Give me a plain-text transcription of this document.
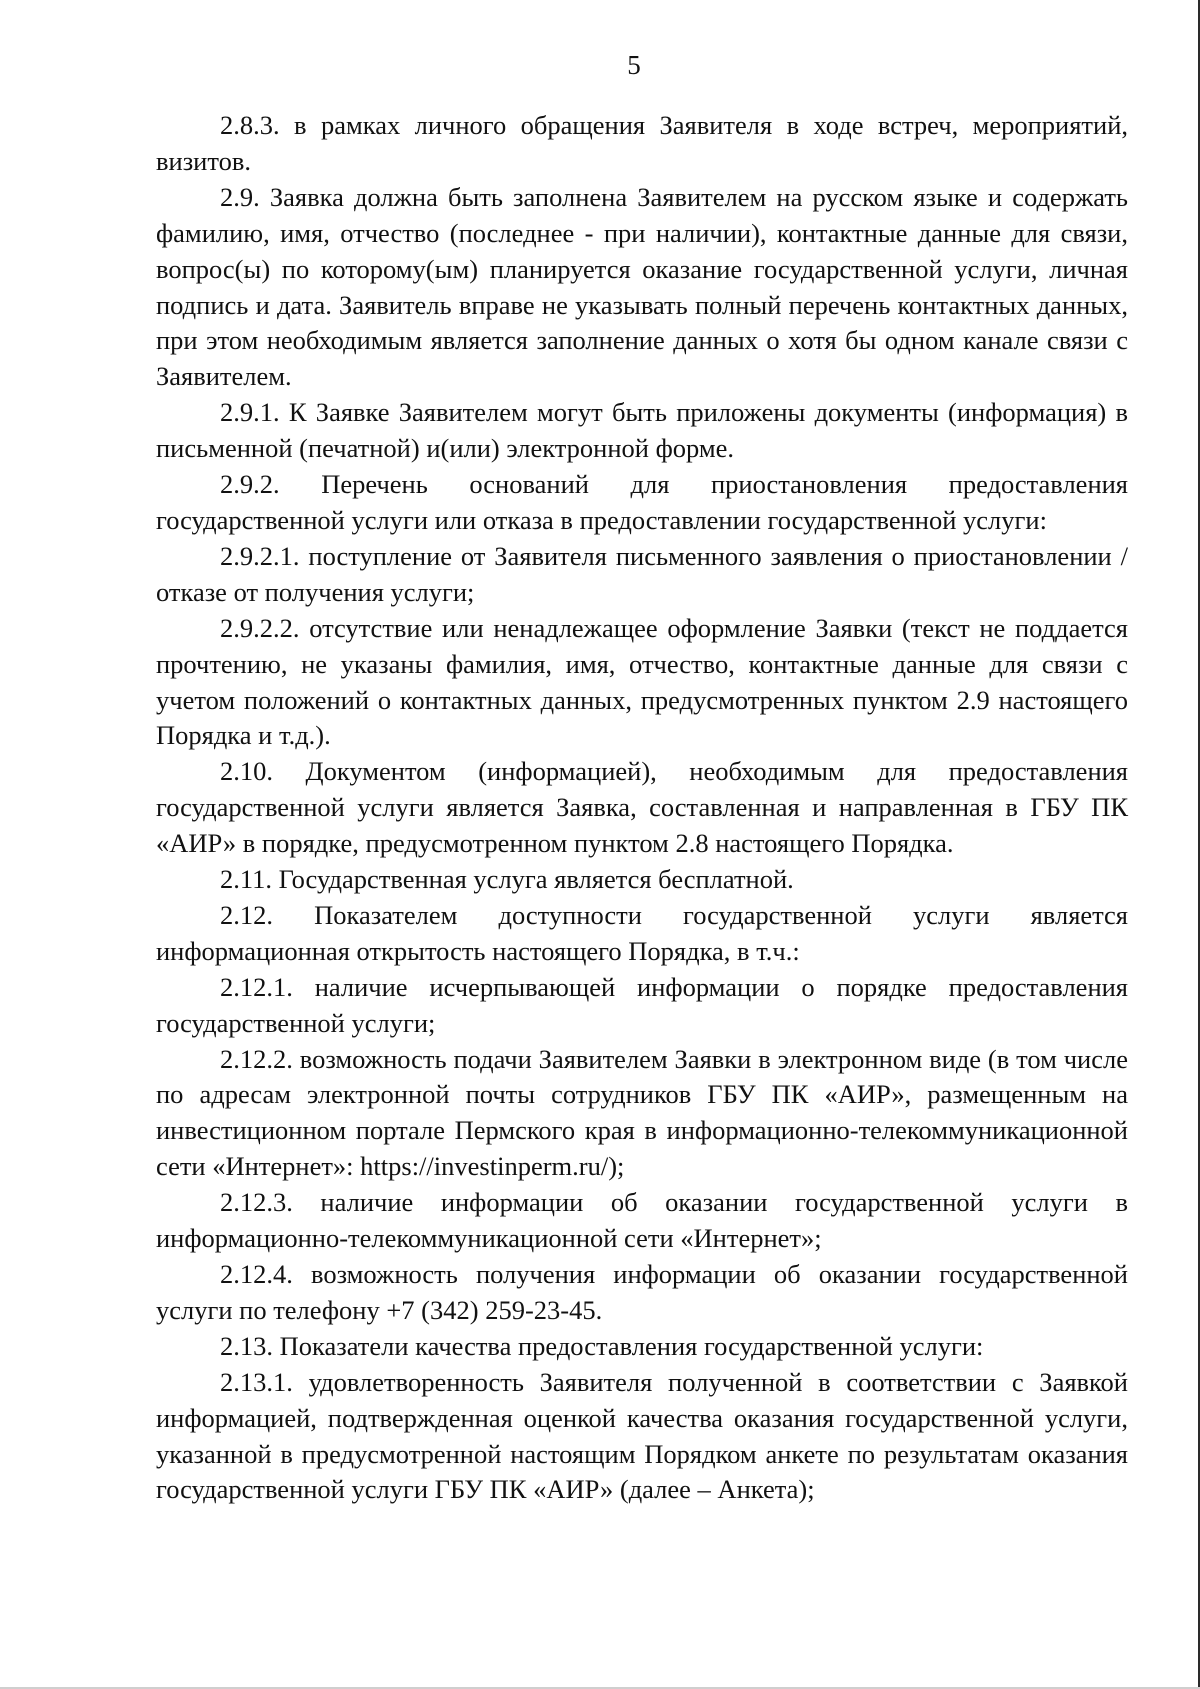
5

2.8.3. в рамках личного обращения Заявителя в ходе встреч, мероприятий, визитов.

2.9. Заявка должна быть заполнена Заявителем на русском языке и содержать фамилию, имя, отчество (последнее - при наличии), контактные данные для связи, вопрос(ы) по которому(ым) планируется оказание государственной услуги, личная подпись и дата. Заявитель вправе не указывать полный перечень контактных данных, при этом необходимым является заполнение данных о хотя бы одном канале связи с Заявителем.

2.9.1. К Заявке Заявителем могут быть приложены документы (информация) в письменной (печатной) и(или) электронной форме.

2.9.2. Перечень оснований для приостановления предоставления государственной услуги или отказа в предоставлении государственной услуги:

2.9.2.1. поступление от Заявителя письменного заявления о приостановлении / отказе от получения услуги;

2.9.2.2. отсутствие или ненадлежащее оформление Заявки (текст не поддается прочтению, не указаны фамилия, имя, отчество, контактные данные для связи с учетом положений о контактных данных, предусмотренных пунктом 2.9 настоящего Порядка и т.д.).

2.10. Документом (информацией), необходимым для предоставления государственной услуги является Заявка, составленная и направленная в ГБУ ПК «АИР» в порядке, предусмотренном пунктом 2.8 настоящего Порядка.

2.11. Государственная услуга является бесплатной.

2.12. Показателем доступности государственной услуги является информационная открытость настоящего Порядка, в т.ч.:

2.12.1. наличие исчерпывающей информации о порядке предоставления государственной услуги;

2.12.2. возможность подачи Заявителем Заявки в электронном виде (в том числе по адресам электронной почты сотрудников ГБУ ПК «АИР», размещенным на инвестиционном портале Пермского края в информационно-телекоммуникационной сети «Интернет»: https://investinperm.ru/);

2.12.3. наличие информации об оказании государственной услуги в информационно-телекоммуникационной сети «Интернет»;

2.12.4. возможность получения информации об оказании государственной услуги по телефону +7 (342) 259-23-45.

2.13. Показатели качества предоставления государственной услуги:

2.13.1. удовлетворенность Заявителя полученной в соответствии с Заявкой информацией, подтвержденная оценкой качества оказания государственной услуги, указанной в предусмотренной настоящим Порядком анкете по результатам оказания государственной услуги ГБУ ПК «АИР» (далее – Анкета);
